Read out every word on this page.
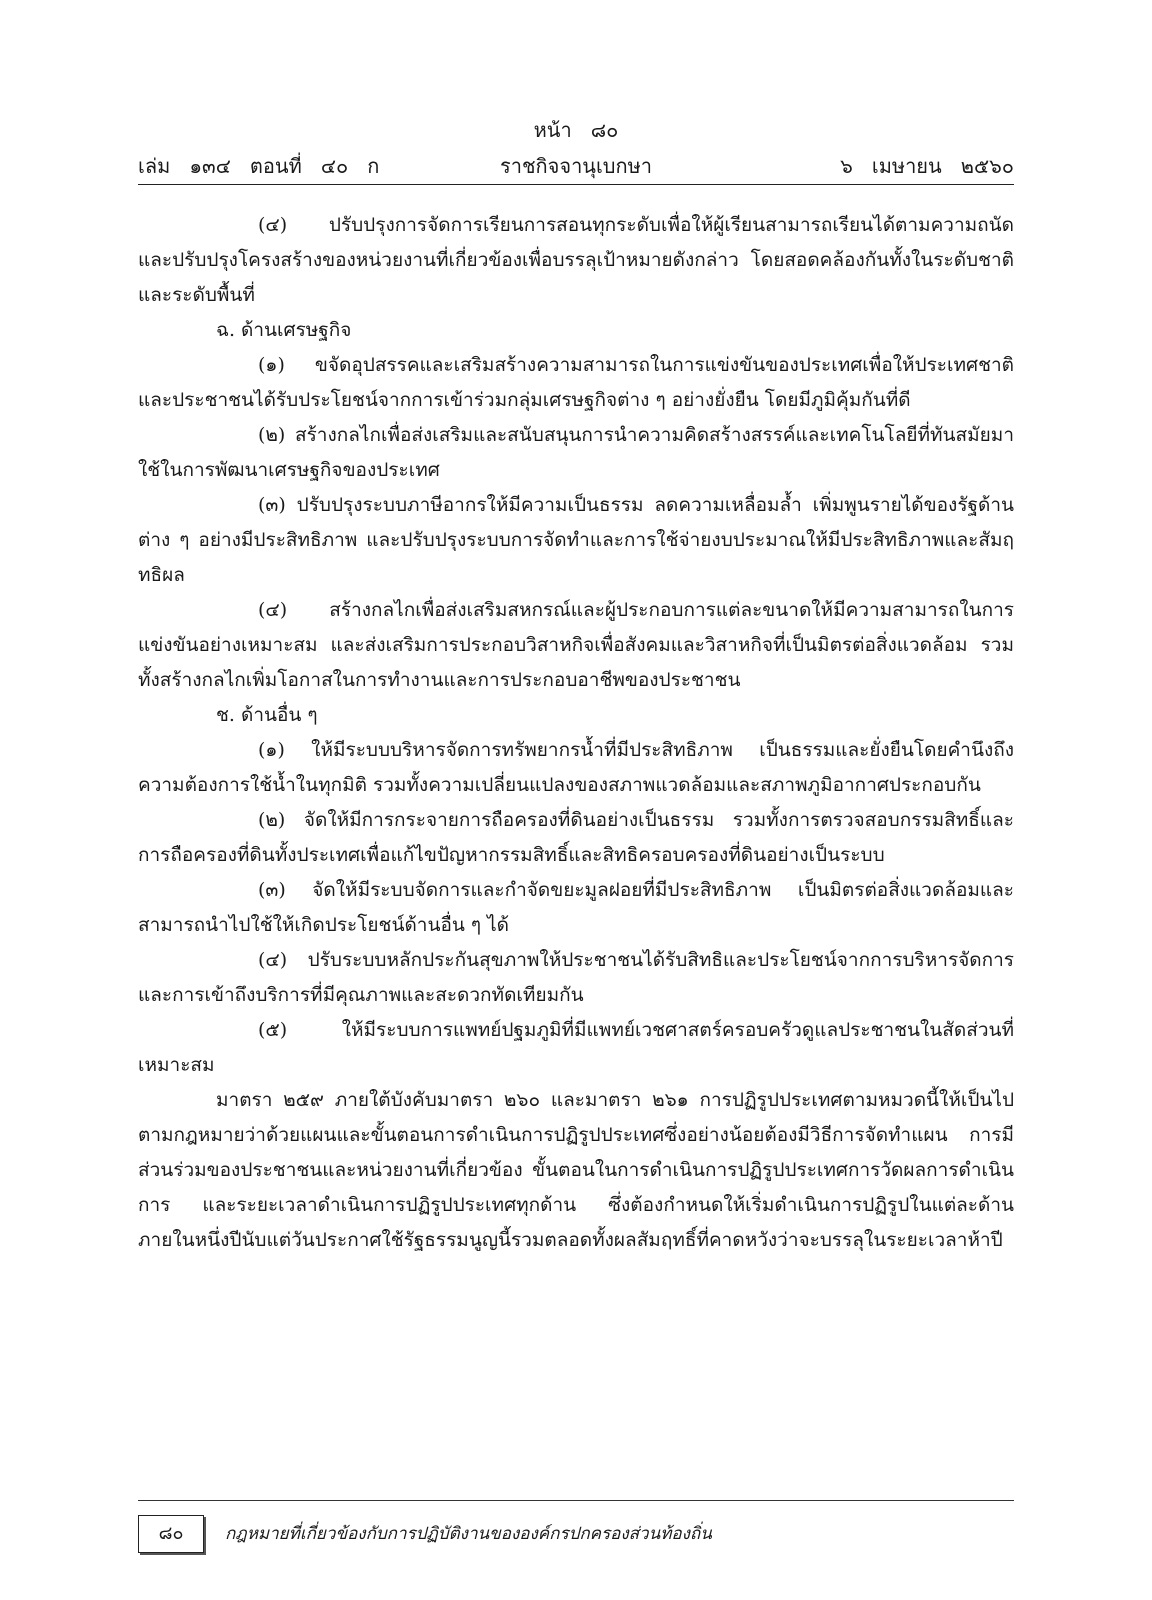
หน้า   ๘๐

เล่ม   ๑๓๔   ตอนที่   ๔๐   ก

	ราชกิจจานุเบกษา

	๖   เมษายน   ๒๕๖๐

(๔) ปรับปรุงการจัดการเรียนการสอนทุกระดับเพื่อให้ผู้เรียนสามารถเรียนได้ตามความถนัด และปรับปรุงโครงสร้างของหน่วยงานที่เกี่ยวข้องเพื่อบรรลุเป้าหมายดังกล่าว โดยสอดคล้องกันทั้งในระดับชาติและระดับพื้นที่

ฉ. ด้านเศรษฐกิจ

(๑) ขจัดอุปสรรคและเสริมสร้างความสามารถในการแข่งขันของประเทศเพื่อให้ประเทศชาติและประชาชนได้รับประโยชน์จากการเข้าร่วมกลุ่มเศรษฐกิจต่าง ๆ อย่างยั่งยืน โดยมีภูมิคุ้มกันที่ดี

(๒) สร้างกลไกเพื่อส่งเสริมและสนับสนุนการนำความคิดสร้างสรรค์และเทคโนโลยีที่ทันสมัยมาใช้ในการพัฒนาเศรษฐกิจของประเทศ

(๓) ปรับปรุงระบบภาษีอากรให้มีความเป็นธรรม ลดความเหลื่อมล้ำ เพิ่มพูนรายได้ของรัฐด้านต่าง ๆ อย่างมีประสิทธิภาพ และปรับปรุงระบบการจัดทำและการใช้จ่ายงบประมาณให้มีประสิทธิภาพและสัมฤทธิผล

(๔) สร้างกลไกเพื่อส่งเสริมสหกรณ์และผู้ประกอบการแต่ละขนาดให้มีความสามารถในการแข่งขันอย่างเหมาะสม และส่งเสริมการประกอบวิสาหกิจเพื่อสังคมและวิสาหกิจที่เป็นมิตรต่อสิ่งแวดล้อม รวมทั้งสร้างกลไกเพิ่มโอกาสในการทำงานและการประกอบอาชีพของประชาชน

ช. ด้านอื่น ๆ

(๑) ให้มีระบบบริหารจัดการทรัพยากรน้ำที่มีประสิทธิภาพ เป็นธรรมและยั่งยืนโดยคำนึงถึงความต้องการใช้น้ำในทุกมิติ รวมทั้งความเปลี่ยนแปลงของสภาพแวดล้อมและสภาพภูมิอากาศประกอบกัน

(๒) จัดให้มีการกระจายการถือครองที่ดินอย่างเป็นธรรม รวมทั้งการตรวจสอบกรรมสิทธิ์และการถือครองที่ดินทั้งประเทศเพื่อแก้ไขปัญหากรรมสิทธิ์และสิทธิครอบครองที่ดินอย่างเป็นระบบ

(๓) จัดให้มีระบบจัดการและกำจัดขยะมูลฝอยที่มีประสิทธิภาพ เป็นมิตรต่อสิ่งแวดล้อมและสามารถนำไปใช้ให้เกิดประโยชน์ด้านอื่น ๆ ได้

(๔) ปรับระบบหลักประกันสุขภาพให้ประชาชนได้รับสิทธิและประโยชน์จากการบริหารจัดการและการเข้าถึงบริการที่มีคุณภาพและสะดวกทัดเทียมกัน

(๕) ให้มีระบบการแพทย์ปฐมภูมิที่มีแพทย์เวชศาสตร์ครอบครัวดูแลประชาชนในสัดส่วนที่เหมาะสม

มาตรา ๒๕๙ ภายใต้บังคับมาตรา ๒๖๐ และมาตรา ๒๖๑ การปฏิรูปประเทศตามหมวดนี้ให้เป็นไปตามกฎหมายว่าด้วยแผนและขั้นตอนการดำเนินการปฏิรูปประเทศซึ่งอย่างน้อยต้องมีวิธีการจัดทำแผน การมีส่วนร่วมของประชาชนและหน่วยงานที่เกี่ยวข้อง ขั้นตอนในการดำเนินการปฏิรูปประเทศการวัดผลการดำเนินการ และระยะเวลาดำเนินการปฏิรูปประเทศทุกด้าน ซึ่งต้องกำหนดให้เริ่มดำเนินการปฏิรูปในแต่ละด้านภายในหนึ่งปีนับแต่วันประกาศใช้รัฐธรรมนูญนี้รวมตลอดทั้งผลสัมฤทธิ์ที่คาดหวังว่าจะบรรลุในระยะเวลาห้าปี

๘๐	กฎหมายที่เกี่ยวข้องกับการปฏิบัติงานขององค์กรปกครองส่วนท้องถิ่น
